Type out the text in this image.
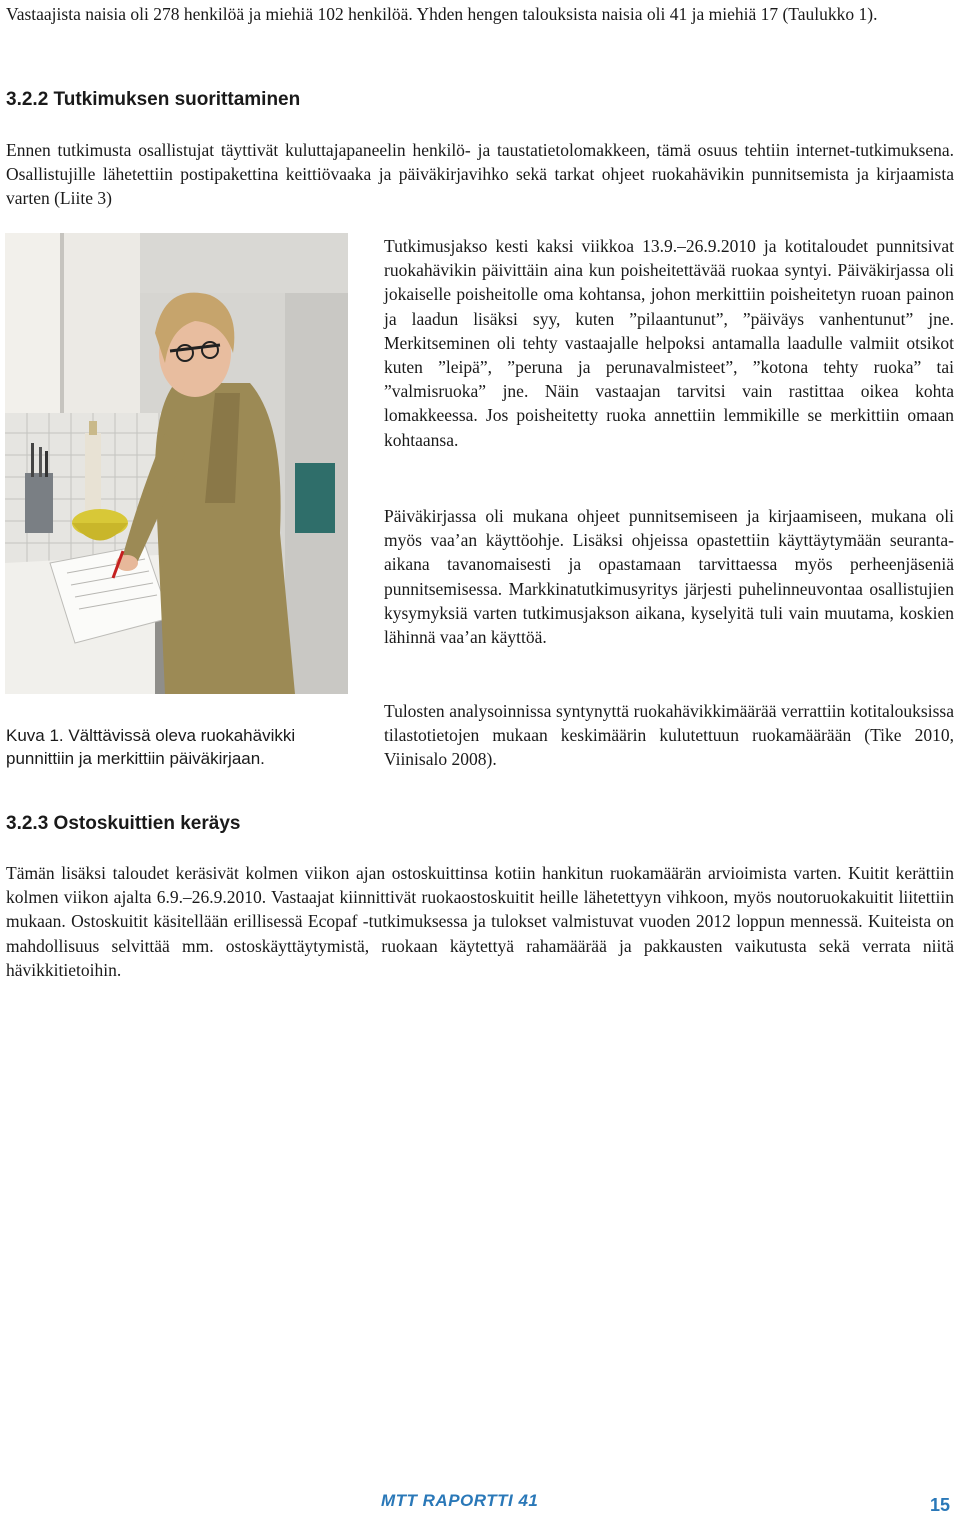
Vastaajista naisia oli 278 henkilöä ja miehiä 102 henkilöä. Yhden hengen talouksista naisia oli 41 ja miehiä 17 (Taulukko 1).

3.2.2 Tutkimuksen suorittaminen

Ennen tutkimusta osallistujat täyttivät kuluttajapaneelin henkilö- ja taustatietolomakkeen, tämä osuus tehtiin internet-tutkimuksena. Osallistujille lähetettiin postipakettina keittiövaaka ja päiväkirjavihko sekä tarkat ohjeet ruokahävikin punnitsemista ja kirjaamista varten (Liite 3)

Kuva 1. Välttävissä oleva ruokahävikki punnittiin ja merkittiin päiväkirjaan.

Tutkimusjakso kesti kaksi viikkoa 13.9.–26.9.2010 ja kotitaloudet punnitsivat ruokahävikin päivittäin aina kun poisheitettävää ruokaa syntyi. Päiväkirjassa oli jokaiselle poisheitolle oma kohtansa, johon merkittiin poisheitetyn ruoan painon ja laadun lisäksi syy, kuten ”pilaantunut”, ”päiväys vanhentunut” jne. Merkitseminen oli tehty vastaajalle helpoksi antamalla laadulle valmiit otsikot kuten ”leipä”, ”peruna ja perunavalmisteet”, ”kotona tehty ruoka” tai ”valmisruoka” jne. Näin vastaajan tarvitsi vain rastittaa oikea kohta lomakkeessa. Jos poisheitetty ruoka annettiin lemmikille se merkittiin omaan kohtaansa.

Päiväkirjassa oli mukana ohjeet punnitsemiseen ja kirjaamiseen, mukana oli myös vaa’an käyttöohje. Lisäksi ohjeissa opastettiin käyttäytymään seuranta-aikana tavanomaisesti ja opastamaan tarvittaessa myös perheenjäseniä punnitsemisessa. Markkinatutkimusyritys järjesti puhelinneuvontaa osallistujien kysymyksiä varten tutkimusjakson aikana, kyselyitä tuli vain muutama, koskien lähinnä vaa’an käyttöä.

Tulosten analysoinnissa syntynyttä ruokahävikkimäärää verrattiin kotitalouksissa tilastotietojen mukaan keskimäärin kulutettuun ruokamäärään (Tike 2010, Viinisalo 2008).

3.2.3 Ostoskuittien keräys

Tämän lisäksi taloudet keräsivät kolmen viikon ajan ostoskuittinsa kotiin hankitun ruokamäärän arvioimista varten. Kuitit kerättiin kolmen viikon ajalta 6.9.–26.9.2010. Vastaajat kiinnittivät ruokaostoskuitit heille lähetettyyn vihkoon, myös noutoruokakuitit liitettiin mukaan. Ostoskuitit käsitellään erillisessä Ecopaf -tutkimuksessa ja tulokset valmistuvat vuoden 2012 loppun mennessä. Kuiteista on mahdollisuus selvittää mm. ostoskäyttäytymistä, ruokaan käytettyä rahamäärää ja pakkausten vaikutusta sekä verrata niitä hävikkitietoihin.

MTT RAPORTTI 41	15
